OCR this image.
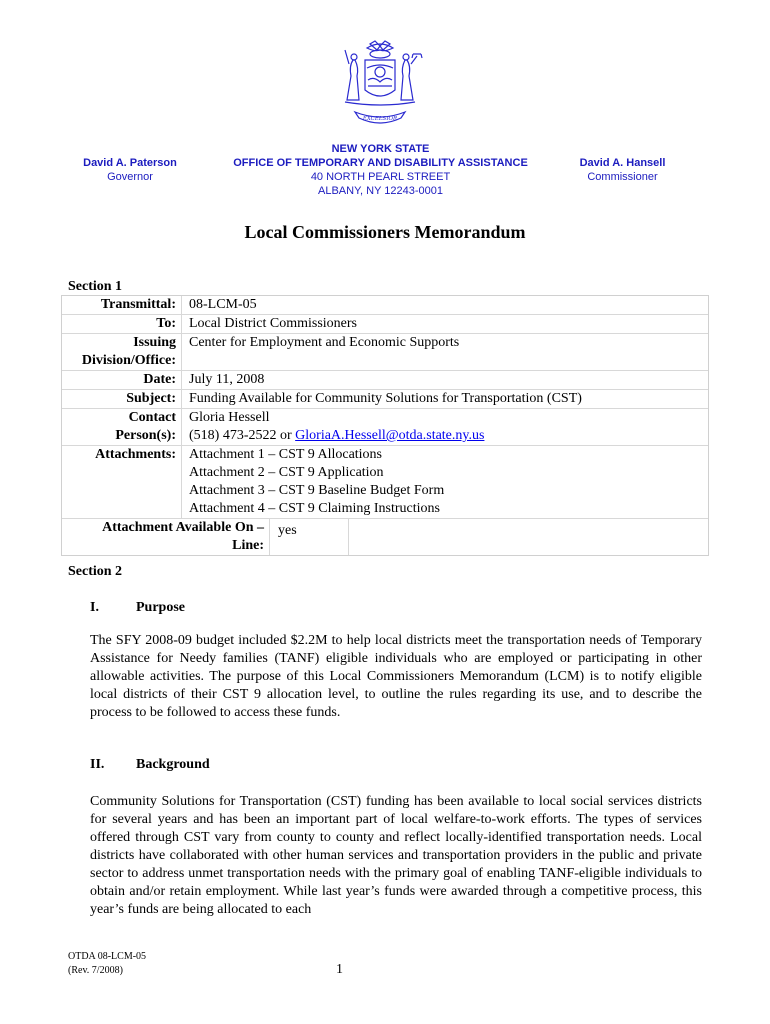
EXCELSIOR
David A. Paterson
Governor
NEW YORK STATE
OFFICE OF TEMPORARY AND DISABILITY ASSISTANCE
40 NORTH PEARL STREET
ALBANY, NY 12243-0001
David A. Hansell
Commissioner
Local Commissioners Memorandum
Section 1
Transmittal: 08-LCM-05
To: Local District Commissioners
Issuing
Division/Office:
Center for Employment and Economic Supports
Date: July 11, 2008
Subject: Funding Available for Community Solutions for Transportation (CST)
Contact
Person(s):
Gloria Hessell
(518) 473-2522 or GloriaA.Hessell@otda.state.ny.us
Attachments: Attachment 1 – CST 9 Allocations
Attachment 2 – CST 9 Application
Attachment 3 – CST 9 Baseline Budget Form
Attachment 4 – CST 9 Claiming Instructions
Attachment Available On –
Line:
yes
Section 2
I.	Purpose

The SFY 2008-09 budget included $2.2M to help local districts meet the transportation needs of Temporary Assistance for Needy families (TANF) eligible individuals who are employed or participating in other allowable activities. The purpose of this Local Commissioners Memorandum (LCM) is to notify eligible local districts of their CST 9 allocation level, to outline the rules regarding its use, and to describe the process to be followed to access these funds.

II. Background

Community Solutions for Transportation (CST) funding has been available to local social services districts for several years and has been an important part of local welfare-to-work efforts. The types of services offered through CST vary from county to county and reflect locally-identified transportation needs. Local districts have collaborated with other human services and transportation providers in the public and private sector to address unmet transportation needs with the primary goal of enabling TANF-eligible individuals to obtain and/or retain employment. While last year’s funds were awarded through a competitive process, this year’s funds are being allocated to each

OTDA 08-LCM-05
(Rev. 7/2008)	1
